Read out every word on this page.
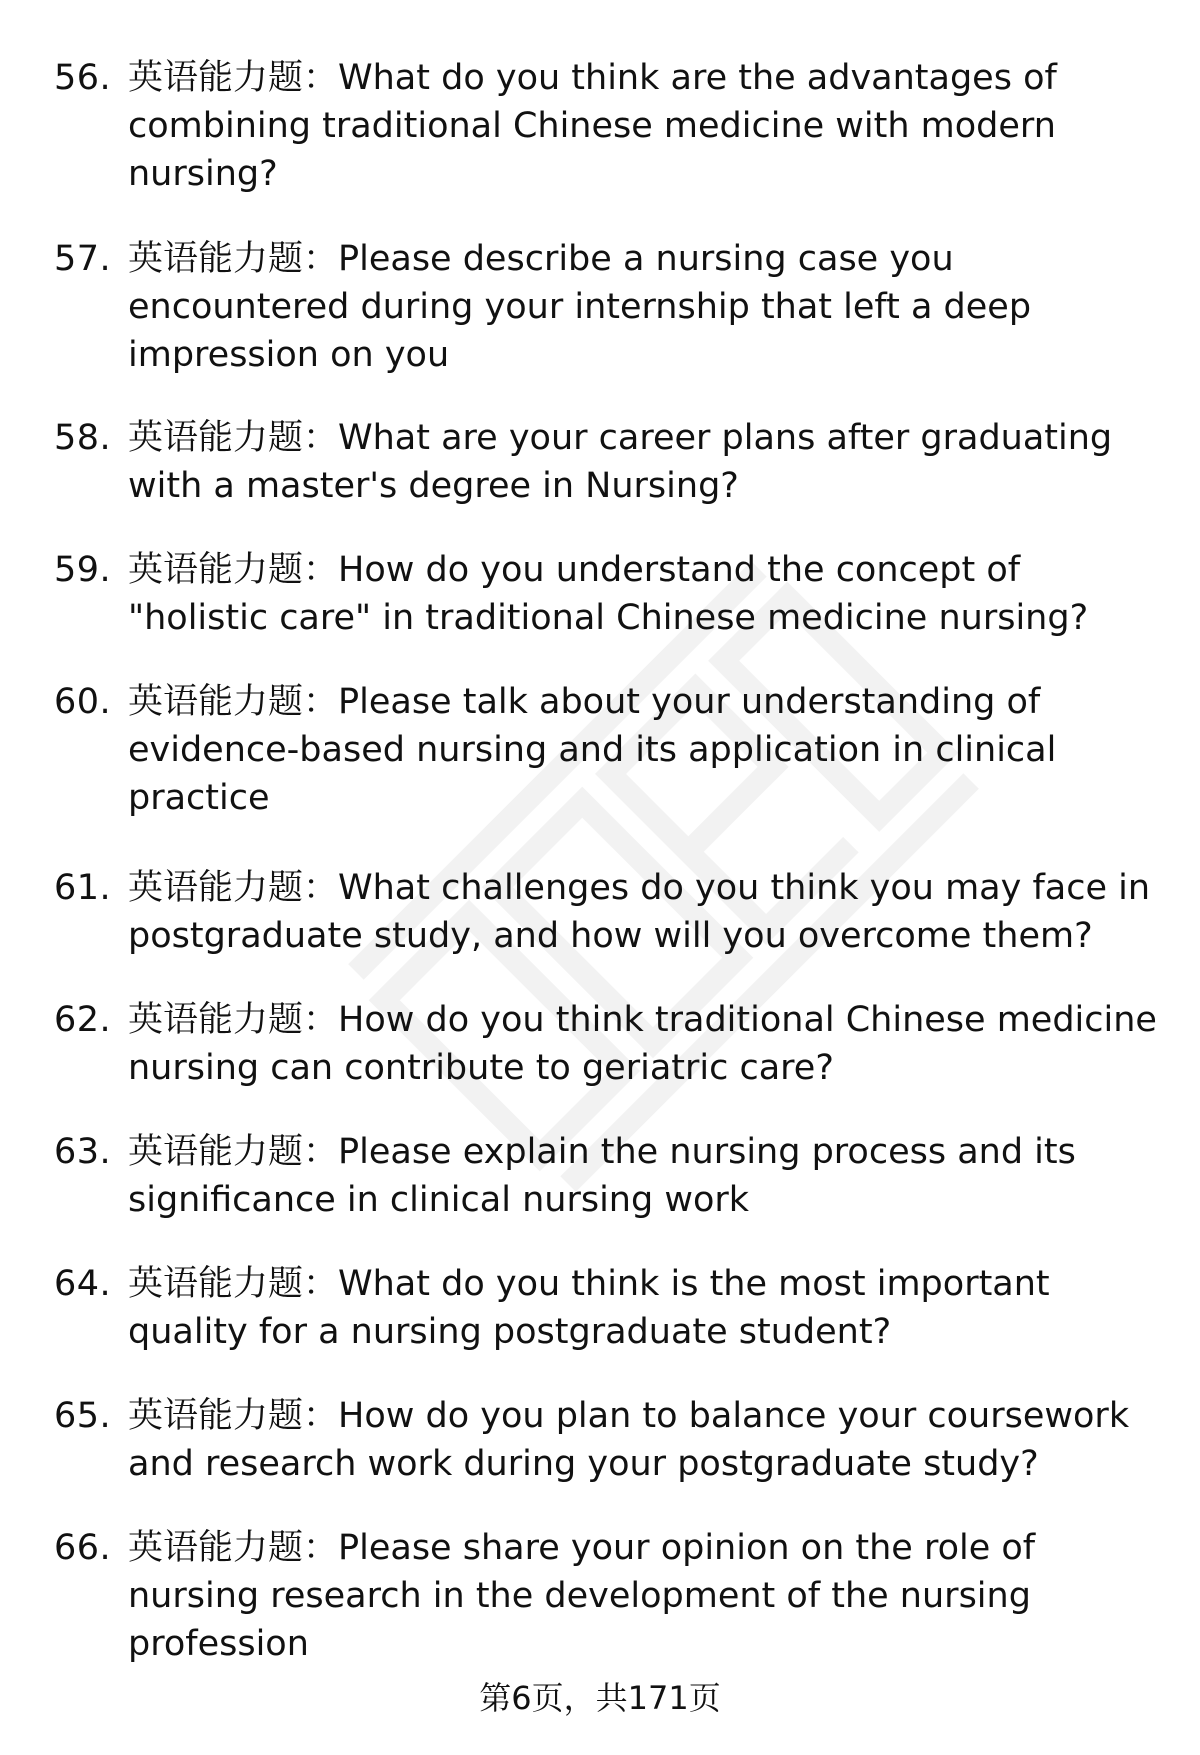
56. 英语能力题：What do you think are the advantages of
combining traditional Chinese medicine with modern
nursing?
57. 英语能力题：Please describe a nursing case you
encountered during your internship that left a deep
impression on you
58. 英语能力题：What are your career plans after graduating
with a master's degree in Nursing?
59. 英语能力题：How do you understand the concept of
"holistic care" in traditional Chinese medicine nursing?
60. 英语能力题：Please talk about your understanding of
evidence-based nursing and its application in clinical
practice
61. 英语能力题：What challenges do you think you may face in
postgraduate study, and how will you overcome them?
62. 英语能力题：How do you think traditional Chinese medicine
nursing can contribute to geriatric care?
63. 英语能力题：Please explain the nursing process and its
significance in clinical nursing work
64. 英语能力题：What do you think is the most important
quality for a nursing postgraduate student?
65. 英语能力题：How do you plan to balance your coursework
and research work during your postgraduate study?
66. 英语能力题：Please share your opinion on the role of
nursing research in the development of the nursing
profession
第6页，共171页
